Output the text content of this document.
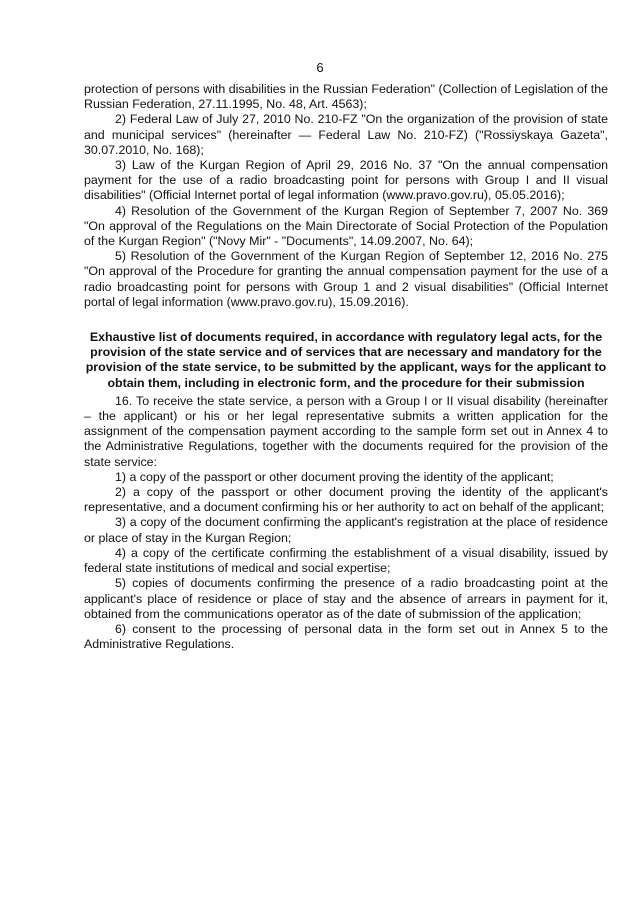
6

protection of persons with disabilities in the Russian Federation" (Collection of Legislation of the Russian Federation, 27.11.1995, No. 48, Art. 4563);

2) Federal Law of July 27, 2010 No. 210-FZ "On the organization of the provision of state and municipal services" (hereinafter — Federal Law No. 210-FZ) ("Rossiyskaya Gazeta", 30.07.2010, No. 168);

3) Law of the Kurgan Region of April 29, 2016 No. 37 "On the annual compensation payment for the use of a radio broadcasting point for persons with Group I and II visual disabilities" (Official Internet portal of legal information (www.pravo.gov.ru), 05.05.2016);

4) Resolution of the Government of the Kurgan Region of September 7, 2007 No. 369 "On approval of the Regulations on the Main Directorate of Social Protection of the Population of the Kurgan Region" ("Novy Mir" - "Documents", 14.09.2007, No. 64);

5) Resolution of the Government of the Kurgan Region of September 12, 2016 No. 275 "On approval of the Procedure for granting the annual compensation payment for the use of a radio broadcasting point for persons with Group 1 and 2 visual disabilities" (Official Internet portal of legal information (www.pravo.gov.ru), 15.09.2016).

Exhaustive list of documents required, in accordance with regulatory legal acts, for the provision of the state service and of services that are necessary and mandatory for the provision of the state service, to be submitted by the applicant, ways for the applicant to obtain them, including in electronic form, and the procedure for their submission

16. To receive the state service, a person with a Group I or II visual disability (hereinafter – the applicant) or his or her legal representative submits a written application for the assignment of the compensation payment according to the sample form set out in Annex 4 to the Administrative Regulations, together with the documents required for the provision of the state service:

1) a copy of the passport or other document proving the identity of the applicant;

2) a copy of the passport or other document proving the identity of the applicant's representative, and a document confirming his or her authority to act on behalf of the applicant;

3) a copy of the document confirming the applicant's registration at the place of residence or place of stay in the Kurgan Region;

4) a copy of the certificate confirming the establishment of a visual disability, issued by federal state institutions of medical and social expertise;

5) copies of documents confirming the presence of a radio broadcasting point at the applicant's place of residence or place of stay and the absence of arrears in payment for it, obtained from the communications operator as of the date of submission of the application;

6) consent to the processing of personal data in the form set out in Annex 5 to the Administrative Regulations.
